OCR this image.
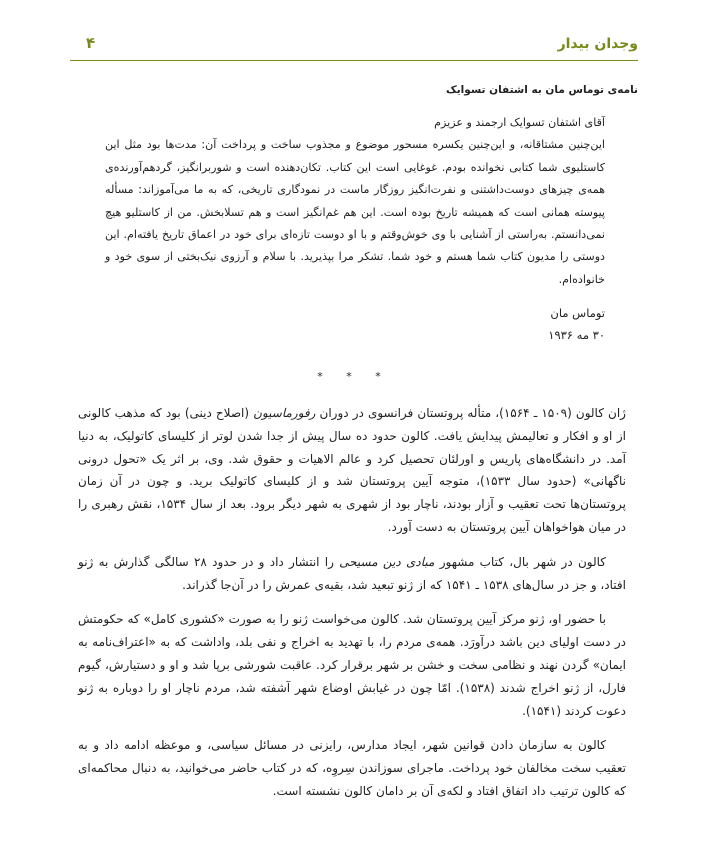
وجدان بیدار
۴
نامه‌ی توماس مان به اشتفان تسوایک

آقای اشتفان تسوایک ارجمند و عزیزم

این‌چنین مشتاقانه، و این‌چنین یکسره مسحور موضوع و مجذوب ساخت و پرداخت آن: مدت‌ها بود مثل این کاستلیوی شما کتابی نخوانده بودم. غوغایی است این کتاب. تکان‌دهنده است و شوربرانگیز، گردهم‌آورنده‌ی همه‌ی چیزهای دوست‌داشتنی و نفرت‌انگیز روزگار ماست در نمودگاری تاریخی، که به ما می‌آموزاند: مسأله پیوسته همانی است که همیشه تاریخ بوده است. این هم غم‌انگیز است و هم تسلابخش. من از کاستلیو هیچ نمی‌دانستم. به‌راستی از آشنایی با وی خوش‌وقتم و با او دوست تازه‌ای برای خود در اعماق تاریخ یافته‌ام. این دوستی را مدیون کتاب شما هستم و خود شما. تشکر مرا بپذیرید. با سلام و آرزوی نیک‌بختی از سوی خود و خانواده‌ام.

توماس مان

۳۰ مه ۱۹۳۶

* * *

ژان کالون (۱۵۰۹ ـ ۱۵۶۴)، متأله پروتستان فرانسوی در دوران رفورماسیون (اصلاح دینی) بود که مذهب کالونی از او و افکار و تعالیمش پیدایش یافت. کالون حدود ده سال پیش از جدا شدن لوتر از کلیسای کاتولیک، به دنیا آمد. در دانشگاه‌های پاریس و اورلئان تحصیل کرد و عالم الاهیات و حقوق شد. وی، بر اثر یک «تحول درونی ناگهانی» (حدود سال ۱۵۳۳)، متوجه آیین پروتستان شد و از کلیسای کاتولیک برید. و چون در آن زمان پروتستان‌ها تحت تعقیب و آزار بودند، ناچار بود از شهری به شهر دیگر برود. بعد از سال ۱۵۳۴، نقش رهبری را در میان هواخواهان آیین پروتستان به دست آورد.

کالون در شهر بال، کتاب مشهور مبادی دین مسیحی را انتشار داد و در حدود ۲۸ سالگی گذارش به ژنو افتاد، و جز در سال‌های ۱۵۳۸ ـ ۱۵۴۱ که از ژنو تبعید شد، بقیه‌ی عمرش را در آن‌جا گذراند.

با حضور او، ژنو مرکز آیین پروتستان شد. کالون می‌خواست ژنو را به صورت «کشوری کامل» که حکومتش در دست اولیای دین باشد درآورَد. همه‌ی مردم را، با تهدید به اخراج و نفی بلد، واداشت که به «اعتراف‌نامه به ایمان» گردن نهند و نظامی سخت و خشن بر شهر برقرار کرد. عاقبت شورشی برپا شد و او و دستیارش، گیوم فارل، از ژنو اخراج شدند (۱۵۳۸). امّا چون در غیابش اوضاع شهر آشفته شد، مردم ناچار او را دوباره به ژنو دعوت کردند (۱۵۴۱).

کالون به سازمان دادن قوانین شهر، ایجاد مدارس، رایزنی در مسائل سیاسی، و موعظه ادامه داد و به تعقیب سخت مخالفان خود پرداخت. ماجرای سوزاندن سِروِه، که در کتاب حاضر می‌خوانید، به دنبال محاکمه‌ای که کالون ترتیب داد اتفاق افتاد و لکه‌ی آن بر دامان کالون نشسته است.
